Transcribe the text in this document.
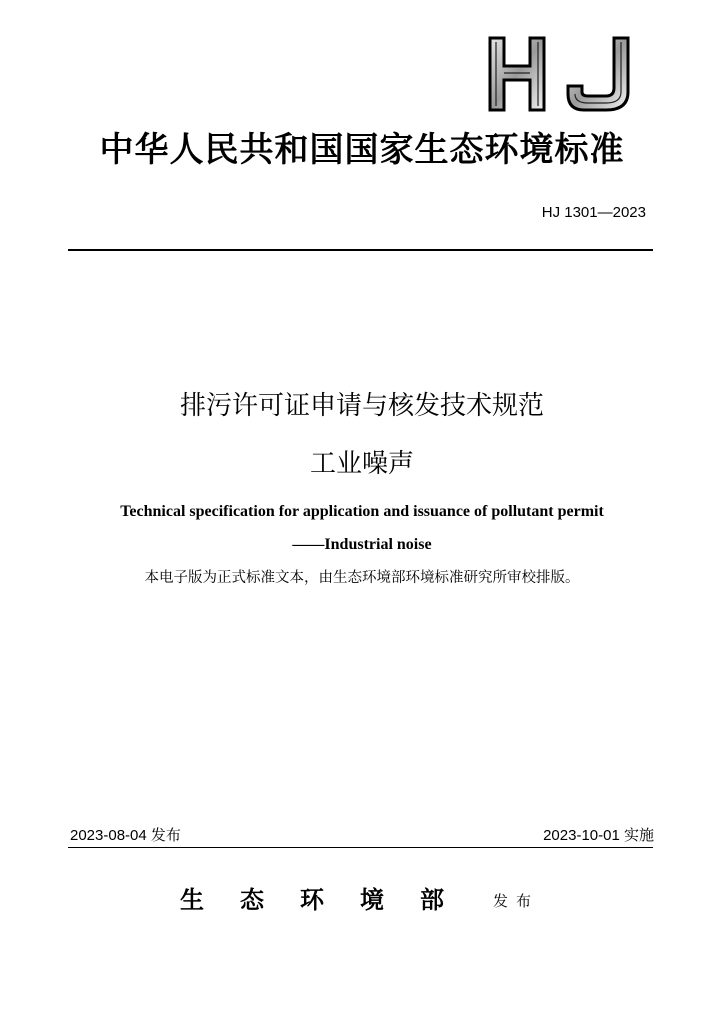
中华人民共和国国家生态环境标准
HJ 1301—2023
排污许可证申请与核发技术规范
工业噪声
Technical specification for application and issuance of pollutant permit
——Industrial noise
本电子版为正式标准文本，由生态环境部环境标准研究所审校排版。
2023-08-04 发布	2023-10-01 实施
生态环境部 发布
